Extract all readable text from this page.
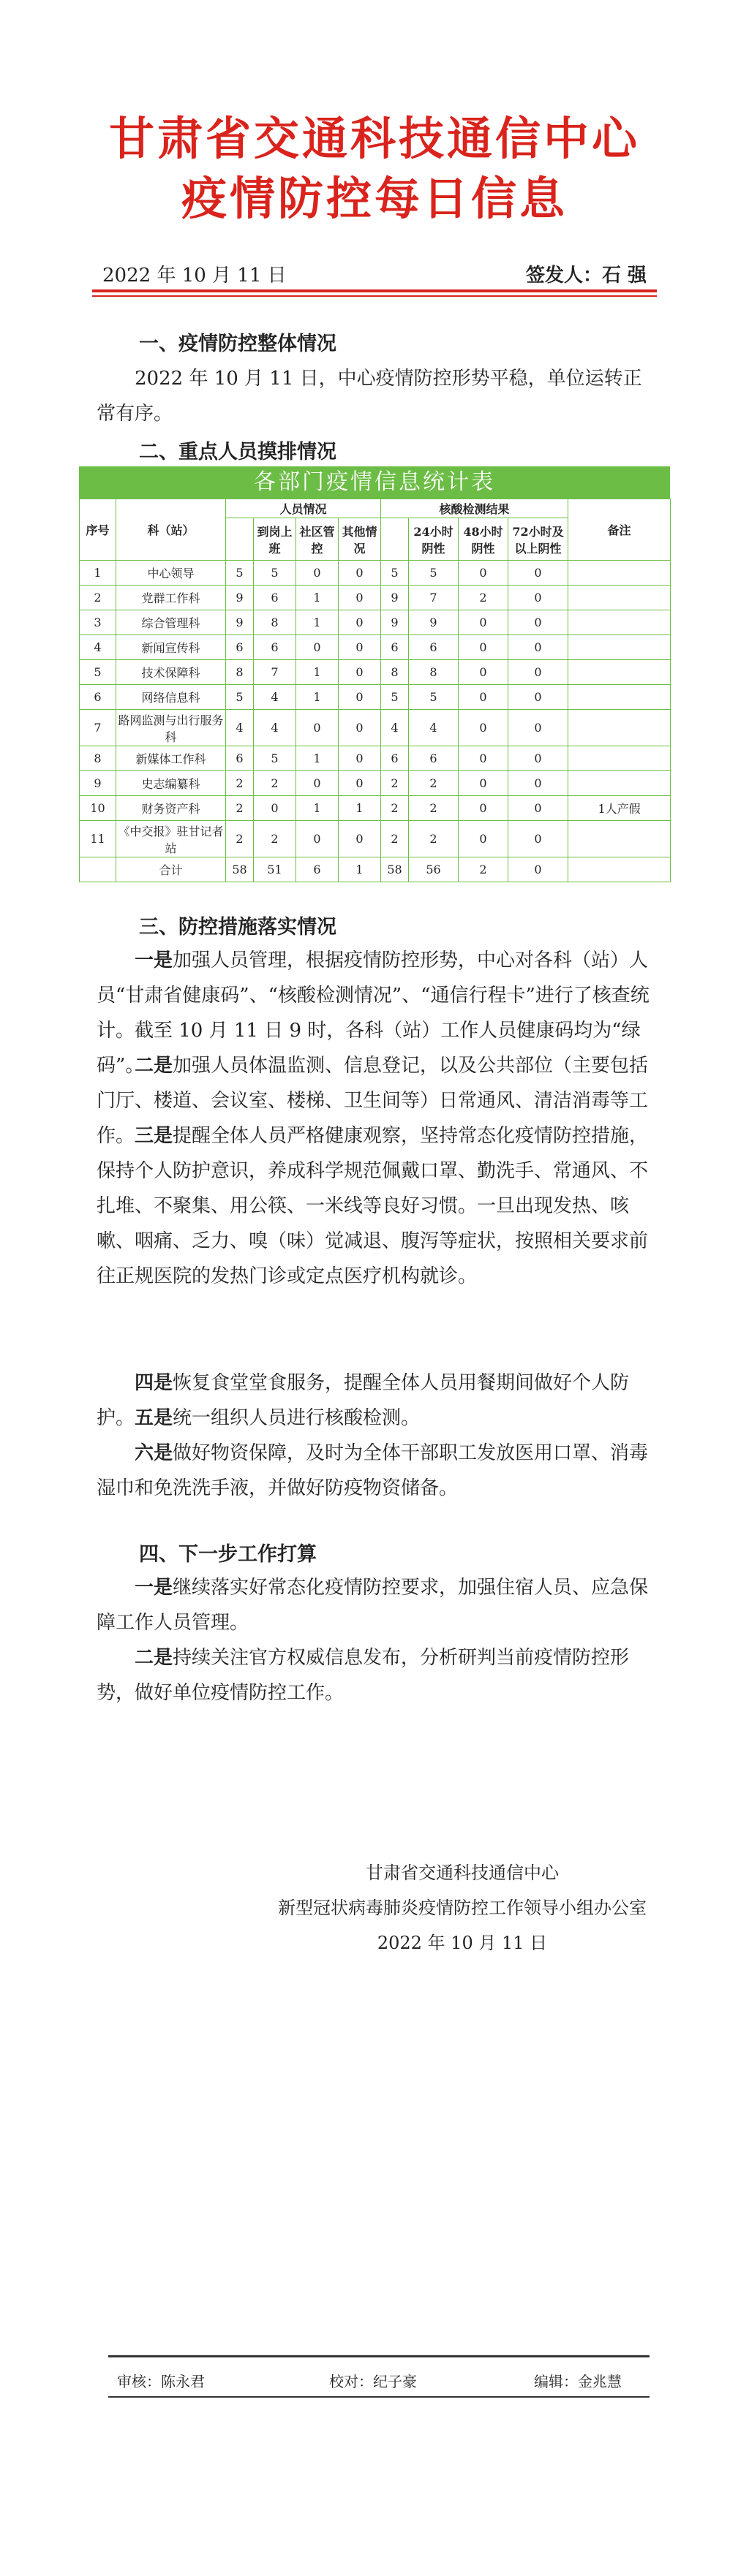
甘肃省交通科技通信中心
疫情防控每日信息
2022 年 10 月 11 日	签发人：石 强
一、疫情防控整体情况
2022 年 10 月 11 日，中心疫情防控形势平稳，单位运转正常有序。
二、重点人员摸排情况
各部门疫情信息统计表
序号	科（站）	人员情况				核酸检测结果				备注
			到岗上班	社区管控	其他情况		24小时阴性	48小时阴性	72小时及以上阴性	
1	中心领导	5	5	0	0	5	5	0	0	
2	党群工作科	9	6	1	0	9	7	2	0	
3	综合管理科	9	8	1	0	9	9	0	0	
4	新闻宣传科	6	6	0	0	6	6	0	0	
5	技术保障科	8	7	1	0	8	8	0	0	
6	网络信息科	5	4	1	0	5	5	0	0	
7	路网监测与出行服务科	4	4	0	0	4	4	0	0	
8	新媒体工作科	6	5	1	0	6	6	0	0	
9	史志编纂科	2	2	0	0	2	2	0	0	
10	财务资产科	2	0	1	1	2	2	0	0	1人产假
11	《中交报》驻甘记者站	2	2	0	0	2	2	0	0	
	合计	58	51	6	1	58	56	2	0	
三、防控措施落实情况
一是加强人员管理，根据疫情防控形势，中心对各科（站）人员“甘肃省健康码”、“核酸检测情况”、“通信行程卡”进行了核查统计。截至 10 月 11 日 9 时，各科（站）工作人员健康码均为“绿码”。
二是加强人员体温监测、信息登记，以及公共部位（主要包括门厅、楼道、会议室、楼梯、卫生间等）日常通风、清洁消毒等工作。 三是提醒全体人员严格健康观察，坚持常态化疫情防控措施，保持个人防护意识，养成科学规范佩戴口罩、勤洗手、常通风、不扎堆、不聚集、用公筷、一米线等良好习惯。一旦出现发热、咳嗽、咽痛、乏力、嗅（味）觉减退、腹泻等症状，按照相关要求前往正规医院的发热门诊或定点医疗机构就诊。
四是恢复食堂堂食服务，提醒全体人员用餐期间做好个人防护。 五是统一组织人员进行核酸检测。
六是做好物资保障，及时为全体干部职工发放医用口罩、消毒湿巾和免洗洗手液，并做好防疫物资储备。
四、下一步工作打算
一是继续落实好常态化疫情防控要求，加强住宿人员、应急保障工作人员管理。
二是持续关注官方权威信息发布，分析研判当前疫情防控形势，做好单位疫情防控工作。
甘肃省交通科技通信中心
新型冠状病毒肺炎疫情防控工作领导小组办公室
2022 年 10 月 11 日
审核：陈永君	校对：纪子豪	编辑：金兆慧
